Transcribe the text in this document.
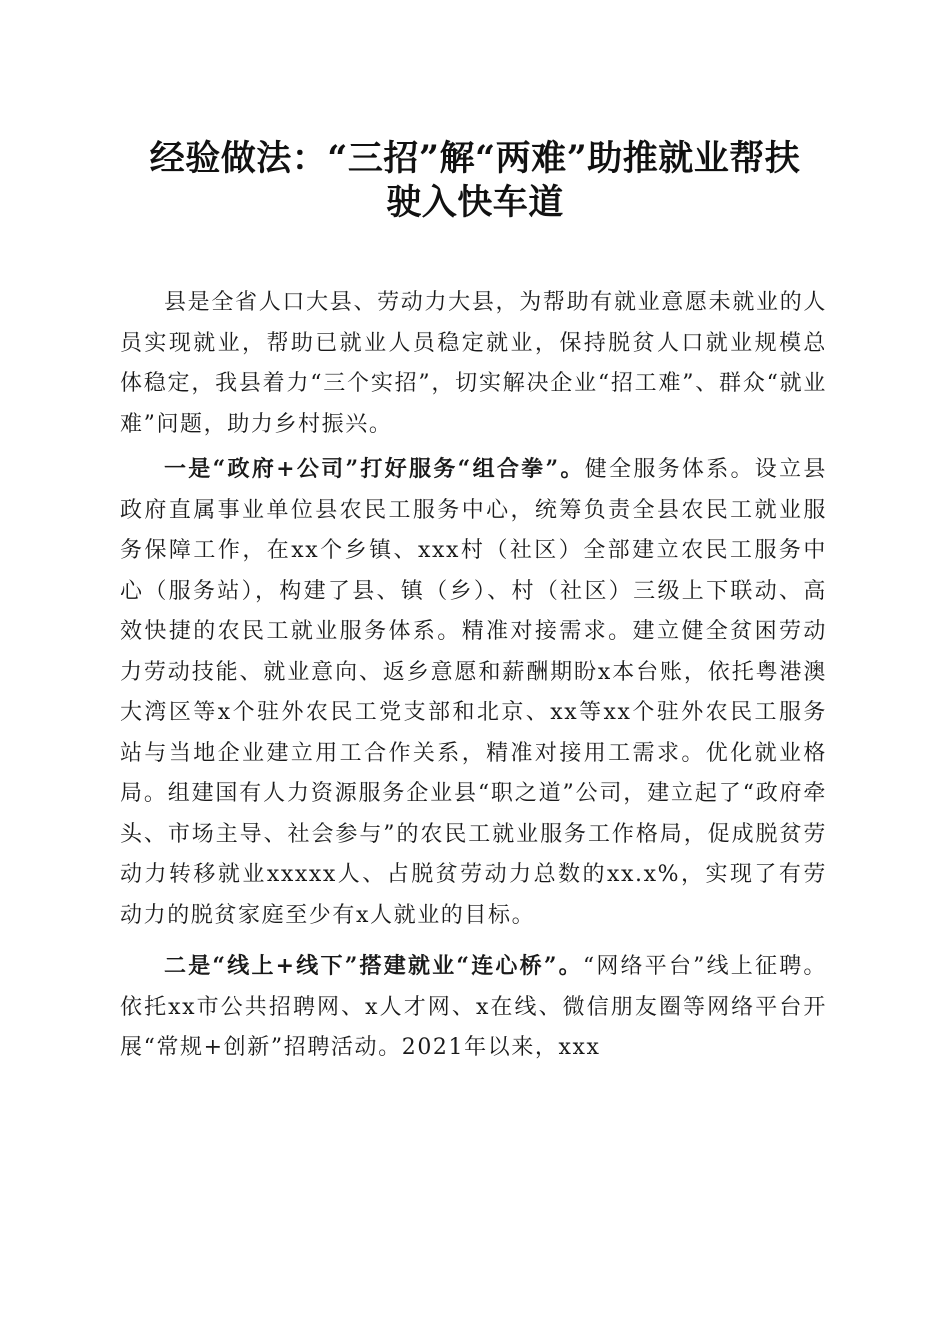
经验做法：“三招”解“两难”助推就业帮扶
驶入快车道

县是全省人口大县、劳动力大县，为帮助有就业意愿未就业的人员实现就业，帮助已就业人员稳定就业，保持脱贫人口就业规模总体稳定，我县着力“三个实招”，切实解决企业“招工难”、群众“就业难”问题，助力乡村振兴。

一是“政府+公司”打好服务“组合拳”。健全服务体系。设立县政府直属事业单位县农民工服务中心，统筹负责全县农民工就业服务保障工作，在xx个乡镇、xxx村（社区）全部建立农民工服务中心（服务站），构建了县、镇（乡）、村（社区）三级上下联动、高效快捷的农民工就业服务体系。精准对接需求。建立健全贫困劳动力劳动技能、就业意向、返乡意愿和薪酬期盼x本台账，依托粤港澳大湾区等x个驻外农民工党支部和北京、xx等xx个驻外农民工服务站与当地企业建立用工合作关系，精准对接用工需求。优化就业格局。组建国有人力资源服务企业县“职之道”公司，建立起了“政府牵头、市场主导、社会参与”的农民工就业服务工作格局，促成脱贫劳动力转移就业xxxxx人、占脱贫劳动力总数的xx.x%，实现了有劳动力的脱贫家庭至少有x人就业的目标。

二是“线上+线下”搭建就业“连心桥”。“网络平台”线上征聘。依托xx市公共招聘网、x人才网、x在线、微信朋友圈等网络平台开展“常规+创新”招聘活动。2021年以来，xxx
